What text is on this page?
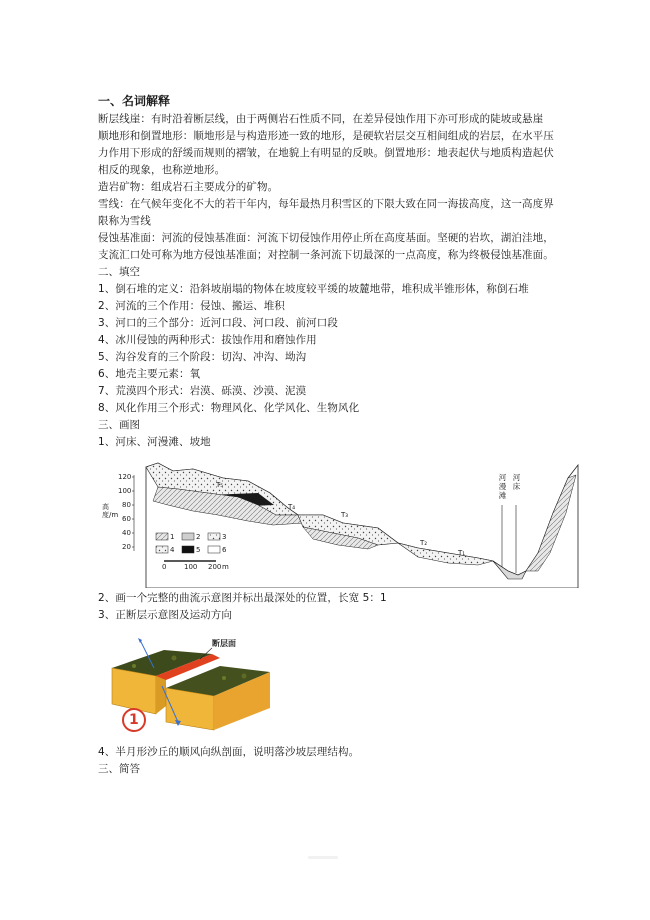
一、名词解释
断层线崖：有时沿着断层线，由于两侧岩石性质不同，在差异侵蚀作用下亦可形成的陡坡或悬崖
顺地形和倒置地形：顺地形是与构造形迹一致的地形，是硬软岩层交互相间组成的岩层，在水平压力作用下形成的舒缓而规则的褶皱，在地貌上有明显的反映。倒置地形：地表起伏与地质构造起伏相反的现象，也称逆地形。
造岩矿物：组成岩石主要成分的矿物。
雪线：在气候年变化不大的若干年内，每年最热月积雪区的下限大致在同一海拔高度，这一高度界限称为雪线
侵蚀基准面：河流的侵蚀基准面：河流下切侵蚀作用停止所在高度基面。坚硬的岩坎，湖泊洼地，支流汇口处可称为地方侵蚀基准面；对控制一条河流下切最深的一点高度，称为终极侵蚀基准面。
二、填空
1、倒石堆的定义：沿斜坡崩塌的物体在坡度较平缓的坡麓地带，堆积成半锥形体，称倒石堆
2、河流的三个作用：侵蚀、搬运、堆积
3、河口的三个部分：近河口段、河口段、前河口段
4、冰川侵蚀的两种形式：拔蚀作用和磨蚀作用
5、沟谷发育的三个阶段：切沟、冲沟、坳沟
6、地壳主要元素：氧
7、荒漠四个形式：岩漠、砾漠、沙漠、泥漠
8、风化作用三个形式：物理风化、化学风化、生物风化
三、画图
1、河床、河漫滩、坡地
120
100
80
60
40
20
高度/m
T₅
T₄
T₃
T₂
T₁
河漫滩
河床
1	2	3
4	5	6
0	100 200 m
2、画一个完整的曲流示意图并标出最深处的位置，长宽 5：1
3、正断层示意图及运动方向
断层面
1
4、半月形沙丘的顺风向纵剖面，说明落沙坡层理结构。
三、简答
